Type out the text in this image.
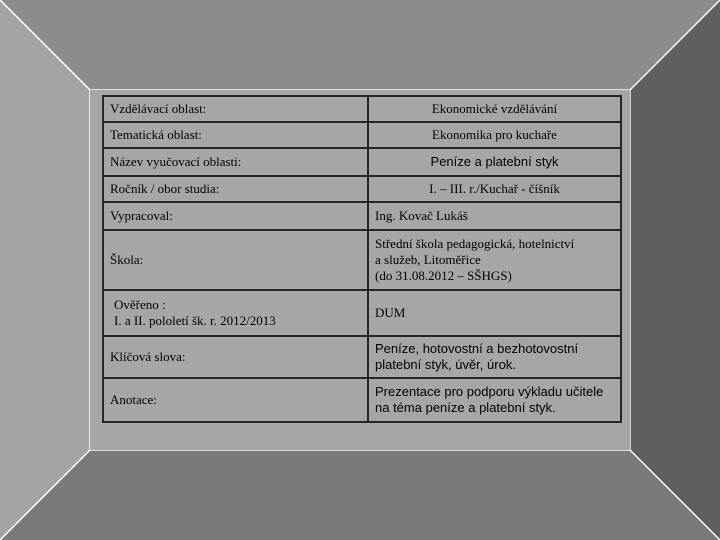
Vzdělávací oblast:	Ekonomické vzdělávání
Tematická oblast:	Ekonomika pro kuchaře
Název vyučovací oblasti:	Peníze a platební styk
Ročník / obor studia:	I. – III. r./Kuchař - číšník
Vypracoval:	Ing. Kovač Lukáš
Škola:	Střední škola pedagogická, hotelnictví
a služeb, Litoměřice
(do 31.08.2012 – SŠHGS)

Ověřeno :
I. a II. pololetí šk. r. 2012/2013	DUM
Klíčová slova:	Peníze, hotovostní a bezhotovostní
platební styk, úvěr, úrok.

Anotace:	Prezentace pro podporu výkladu učitele
na téma peníze a platební styk.
